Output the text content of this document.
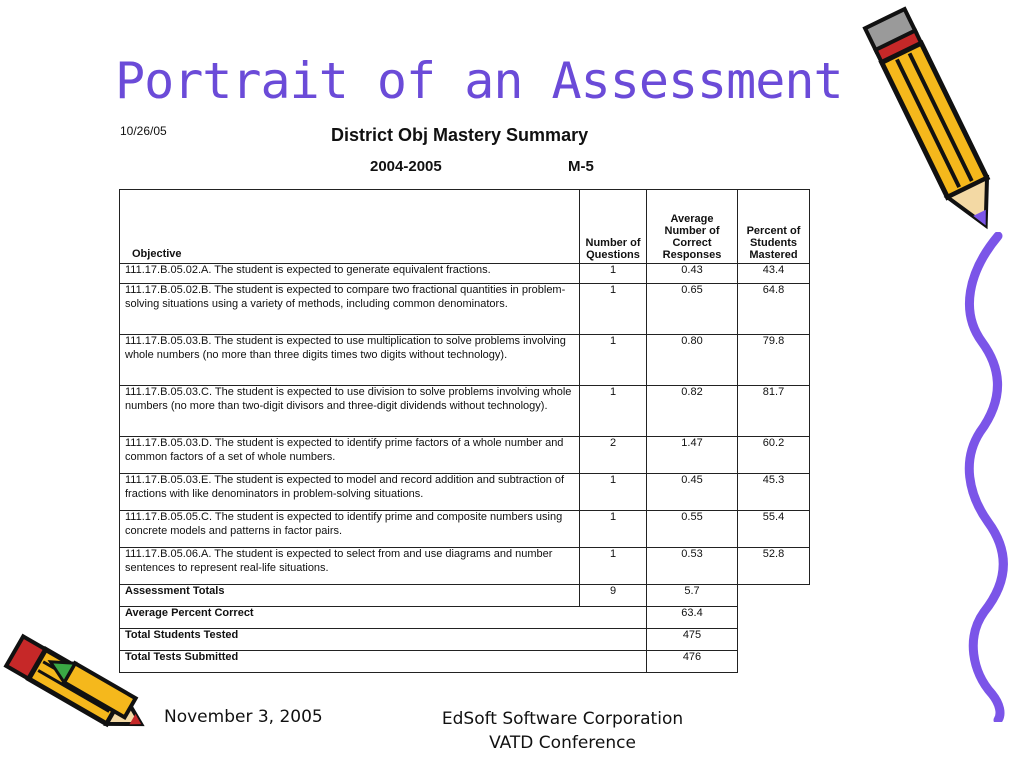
Portrait of an Assessment
10/26/05	District Obj Mastery Summary
2004-2005	M-5
Objective	Number of Questions	Average Number of Correct Responses	Percent of Students Mastered
111.17.B.05.02.A. The student is expected to generate equivalent fractions.	1	0.43	43.4
111.17.B.05.02.B. The student is expected to compare two fractional quantities in problem-solving situations using a variety of methods, including common denominators.	1	0.65	64.8
111.17.B.05.03.B. The student is expected to use multiplication to solve problems involving whole numbers (no more than three digits times two digits without technology).	1	0.80	79.8
111.17.B.05.03.C. The student is expected to use division to solve problems involving whole numbers (no more than two-digit divisors and three-digit dividends without technology).	1	0.82	81.7
111.17.B.05.03.D. The student is expected to identify prime factors of a whole number and common factors of a set of whole numbers.	2	1.47	60.2
111.17.B.05.03.E. The student is expected to model and record addition and subtraction of fractions with like denominators in problem-solving situations.	1	0.45	45.3
111.17.B.05.05.C. The student is expected to identify prime and composite numbers using concrete models and patterns in factor pairs.	1	0.55	55.4
111.17.B.05.06.A. The student is expected to select from and use diagrams and number sentences to represent real-life situations.	1	0.53	52.8
Assessment Totals	9	5.7	
Average Percent Correct		63.4	
Total Students Tested		475	
Total Tests Submitted		476	
November 3, 2005	EdSoft Software Corporation
VATD Conference
